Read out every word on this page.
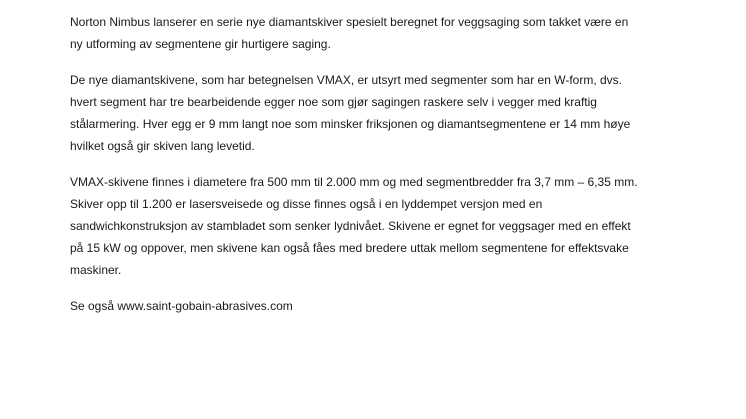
Norton Nimbus lanserer en serie nye diamantskiver spesielt beregnet for veggsaging som takket være en
ny utforming av segmentene gir hurtigere saging.

De nye diamantskivene, som har betegnelsen VMAX, er utsyrt med segmenter som har en W-form, dvs.
hvert segment har tre bearbeidende egger noe som gjør sagingen raskere selv i vegger med kraftig
stålarmering. Hver egg er 9 mm langt noe som minsker friksjonen og diamantsegmentene er 14 mm høye
hvilket også gir skiven lang levetid.

VMAX-skivene finnes i diametere fra 500 mm til 2.000 mm og med segmentbredder fra 3,7 mm – 6,35 mm.
Skiver opp til 1.200 er lasersveisede og disse finnes også i en lyddempet versjon med en
sandwichkonstruksjon av stambladet som senker lydnivået. Skivene er egnet for veggsager med en effekt
på 15 kW og oppover, men skivene kan også fåes med bredere uttak mellom segmentene for effektsvake
maskiner.

Se også www.saint-gobain-abrasives.com
